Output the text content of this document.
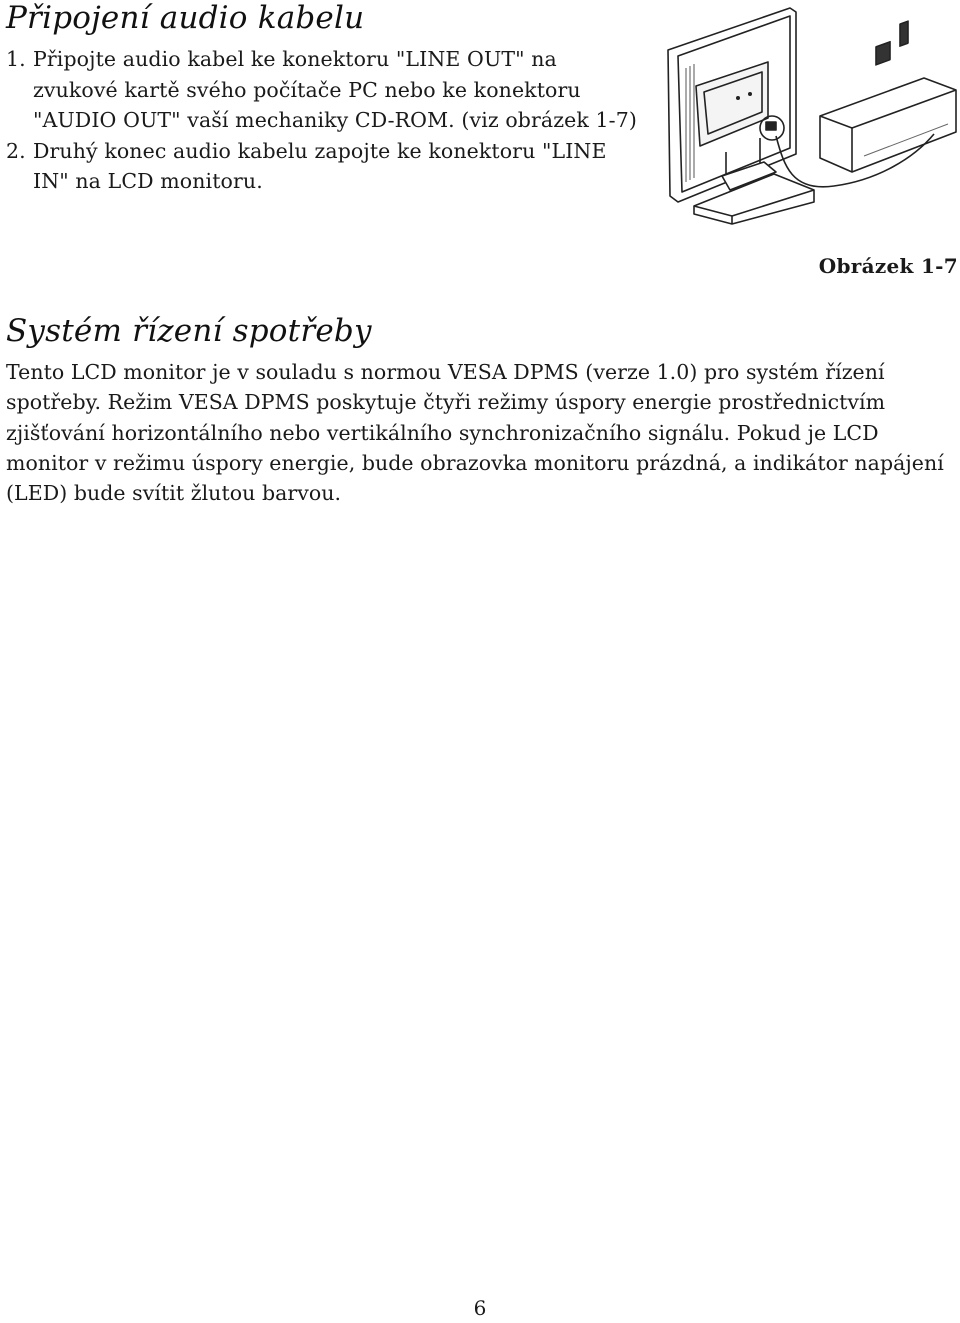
Připojení audio kabelu

1. Připojte audio kabel ke konektoru "LINE OUT" na zvukové kartě svého počítače PC nebo ke konektoru "AUDIO OUT" vaší mechaniky CD-ROM. (viz obrázek 1-7)

2. Druhý konec audio kabelu zapojte ke konektoru "LINE IN" na LCD monitoru.

Obrázek 1-7

Systém řízení spotřeby

Tento LCD monitor je v souladu s normou VESA DPMS (verze 1.0) pro systém řízení spotřeby. Režim VESA DPMS poskytuje čtyři režimy úspory energie prostřednictvím zjišťování horizontálního nebo vertikálního synchronizačního signálu. Pokud je LCD monitor v režimu úspory energie, bude obrazovka monitoru prázdná, a indikátor napájení (LED) bude svítit žlutou barvou.

6
